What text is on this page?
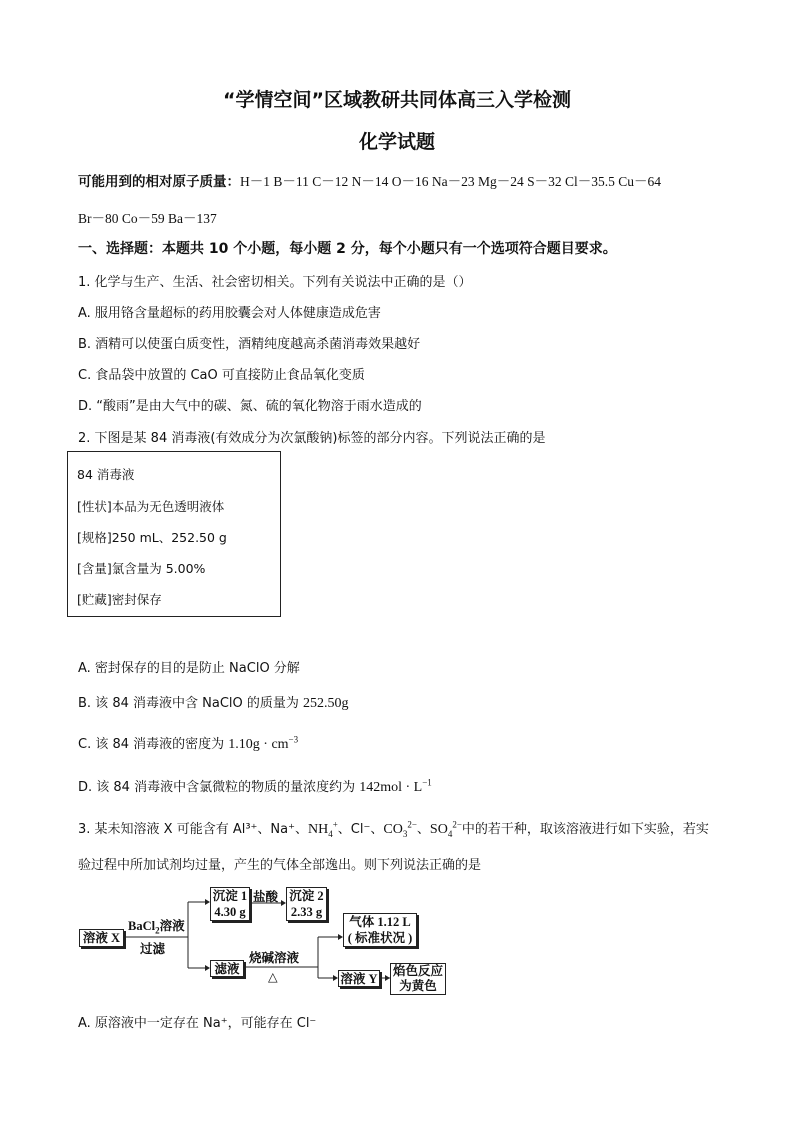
“学情空间”区域教研共同体高三入学检测
化学试题
可能用到的相对原子质量：H－1 B－11 C－12 N－14 O－16 Na－23 Mg－24 S－32 Cl－35.5 Cu－64
Br－80 Co－59 Ba－137
一、选择题：本题共 10 个小题，每小题 2 分，每个小题只有一个选项符合题目要求。
1. 化学与生产、生活、社会密切相关。下列有关说法中正确的是（）
A. 服用铬含量超标的药用胶囊会对人体健康造成危害
B. 酒精可以使蛋白质变性，酒精纯度越高杀菌消毒效果越好
C. 食品袋中放置的 CaO 可直接防止食品氧化变质
D. “酸雨”是由大气中的碳、氮、硫的氧化物溶于雨水造成的
2. 下图是某 84 消毒液(有效成分为次氯酸钠)标签的部分内容。下列说法正确的是
84 消毒液
[性状]本品为无色透明液体
[规格]250 mL、252.50 g
[含量]氯含量为 5.00%
[贮藏]密封保存
A. 密封保存的目的是防止 NaClO 分解
B. 该 84 消毒液中含 NaClO 的质量为 252.50g
C. 该 84 消毒液的密度为 $1.10g \cdot cm^{-3}$
D. 该 84 消毒液中含氯微粒的物质的量浓度约为 $142mol \cdot L^{-1}$
3. 某未知溶液 X 可能含有 Al³⁺、Na⁺、$NH_4^+$、Cl⁻、$CO_3^{2-}$、$SO_4^{2-}$中的若干种，取该溶液进行如下实验，若实
验过程中所加试剂均过量，产生的气体全部逸出。则下列说法正确的是
溶液 X
BaCl$_2$溶液
过滤
沉淀 1
4.30 g
盐酸 沉淀 2
2.33 g
滤液
烧碱溶液
△
气体 1.12 L
( 标准状况 )
溶液 Y
焰色反应
为黄色
A. 原溶液中一定存在 Na⁺，可能存在 Cl⁻
